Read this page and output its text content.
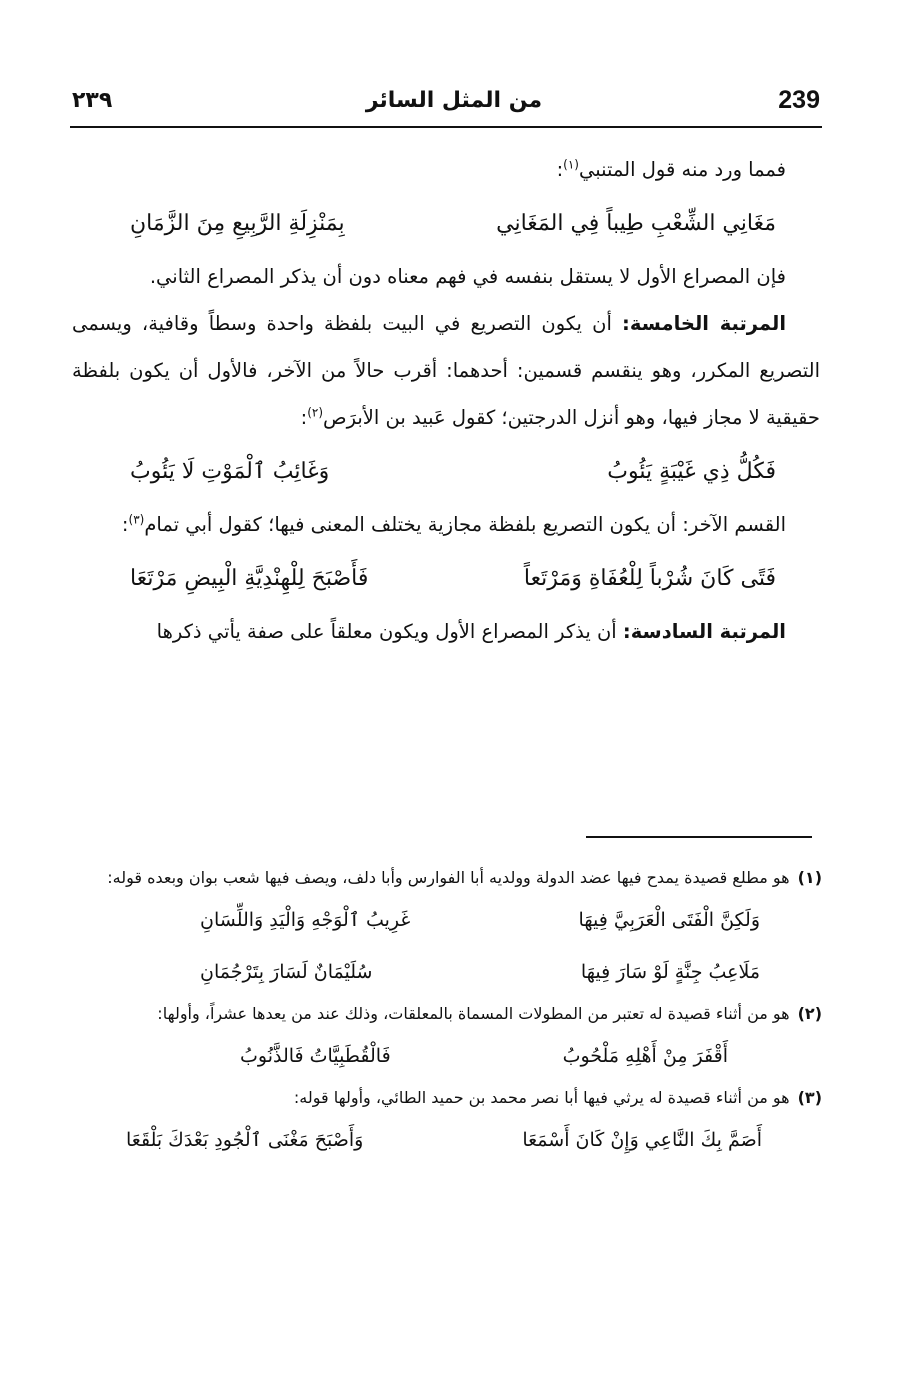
239
من المثل السائر
٢٣٩

فمما ورد منه قول المتنبي$^{(١)}$:

مَغَانِي الشِّعْبِ طِيباً فِي المَغَانِي
بِمَنْزِلَةِ الرَّبِيعِ مِنَ الزَّمَانِ

فإن المصراع الأول لا يستقل بنفسه في فهم معناه دون أن يذكر المصراع الثاني.

المرتبة الخامسة: أن يكون التصريع في البيت بلفظة واحدة وسطاً وقافية، ويسمى التصريع المكرر، وهو ينقسم قسمين: أحدهما: أقرب حالاً من الآخر، فالأول أن يكون بلفظة حقيقية لا مجاز فيها، وهو أنزل الدرجتين؛ كقول عَبيد بن الأبرَص$^{(٢)}$:

فَكُلُّ ذِي غَيْبَةٍ يَئُوبُ
وَغَائِبُ ٱلْمَوْتِ لَا يَئُوبُ

القسم الآخر: أن يكون التصريع بلفظة مجازية يختلف المعنى فيها؛ كقول أبي تمام$^{(٣)}$:

فَتًى كَانَ شُرْباً لِلْعُفَاةِ وَمَرْتَعاً
فَأَصْبَحَ لِلْهِنْدِيَّةِ الْبِيضِ مَرْتَعَا

المرتبة السادسة: أن يذكر المصراع الأول ويكون معلقاً على صفة يأتي ذكرها

(١)هو مطلع قصيدة يمدح فيها عضد الدولة وولديه أبا الفوارس وأبا دلف، ويصف فيها شعب بوان وبعده قوله:

وَلَكِنَّ الْفَتَى الْعَرَبِيَّ فِيهَا
غَرِيبُ ٱلْوَجْهِ وَالْيَدِ وَاللِّسَانِ
مَلَاعِبُ جِنَّةٍ لَوْ سَارَ فِيهَا
سُلَيْمَانٌ لَسَارَ بِتَرْجُمَانِ

(٢)هو من أثناء قصيدة له تعتبر من المطولات المسماة بالمعلقات، وذلك عند من يعدها عشراً، وأولها:

أَقْفَرَ مِنْ أَهْلِهِ مَلْحُوبُ
فَالْقُطَبِيَّاتُ فَالذَّنُوبُ

(٣)هو من أثناء قصيدة له يرثي فيها أبا نصر محمد بن حميد الطائي، وأولها قوله:

أَصَمَّ بِكَ النَّاعِي وَإِنْ كَانَ أَسْمَعَا
وَأَصْبَحَ مَغْنَى ٱلْجُودِ بَعْدَكَ بَلْقَعَا
